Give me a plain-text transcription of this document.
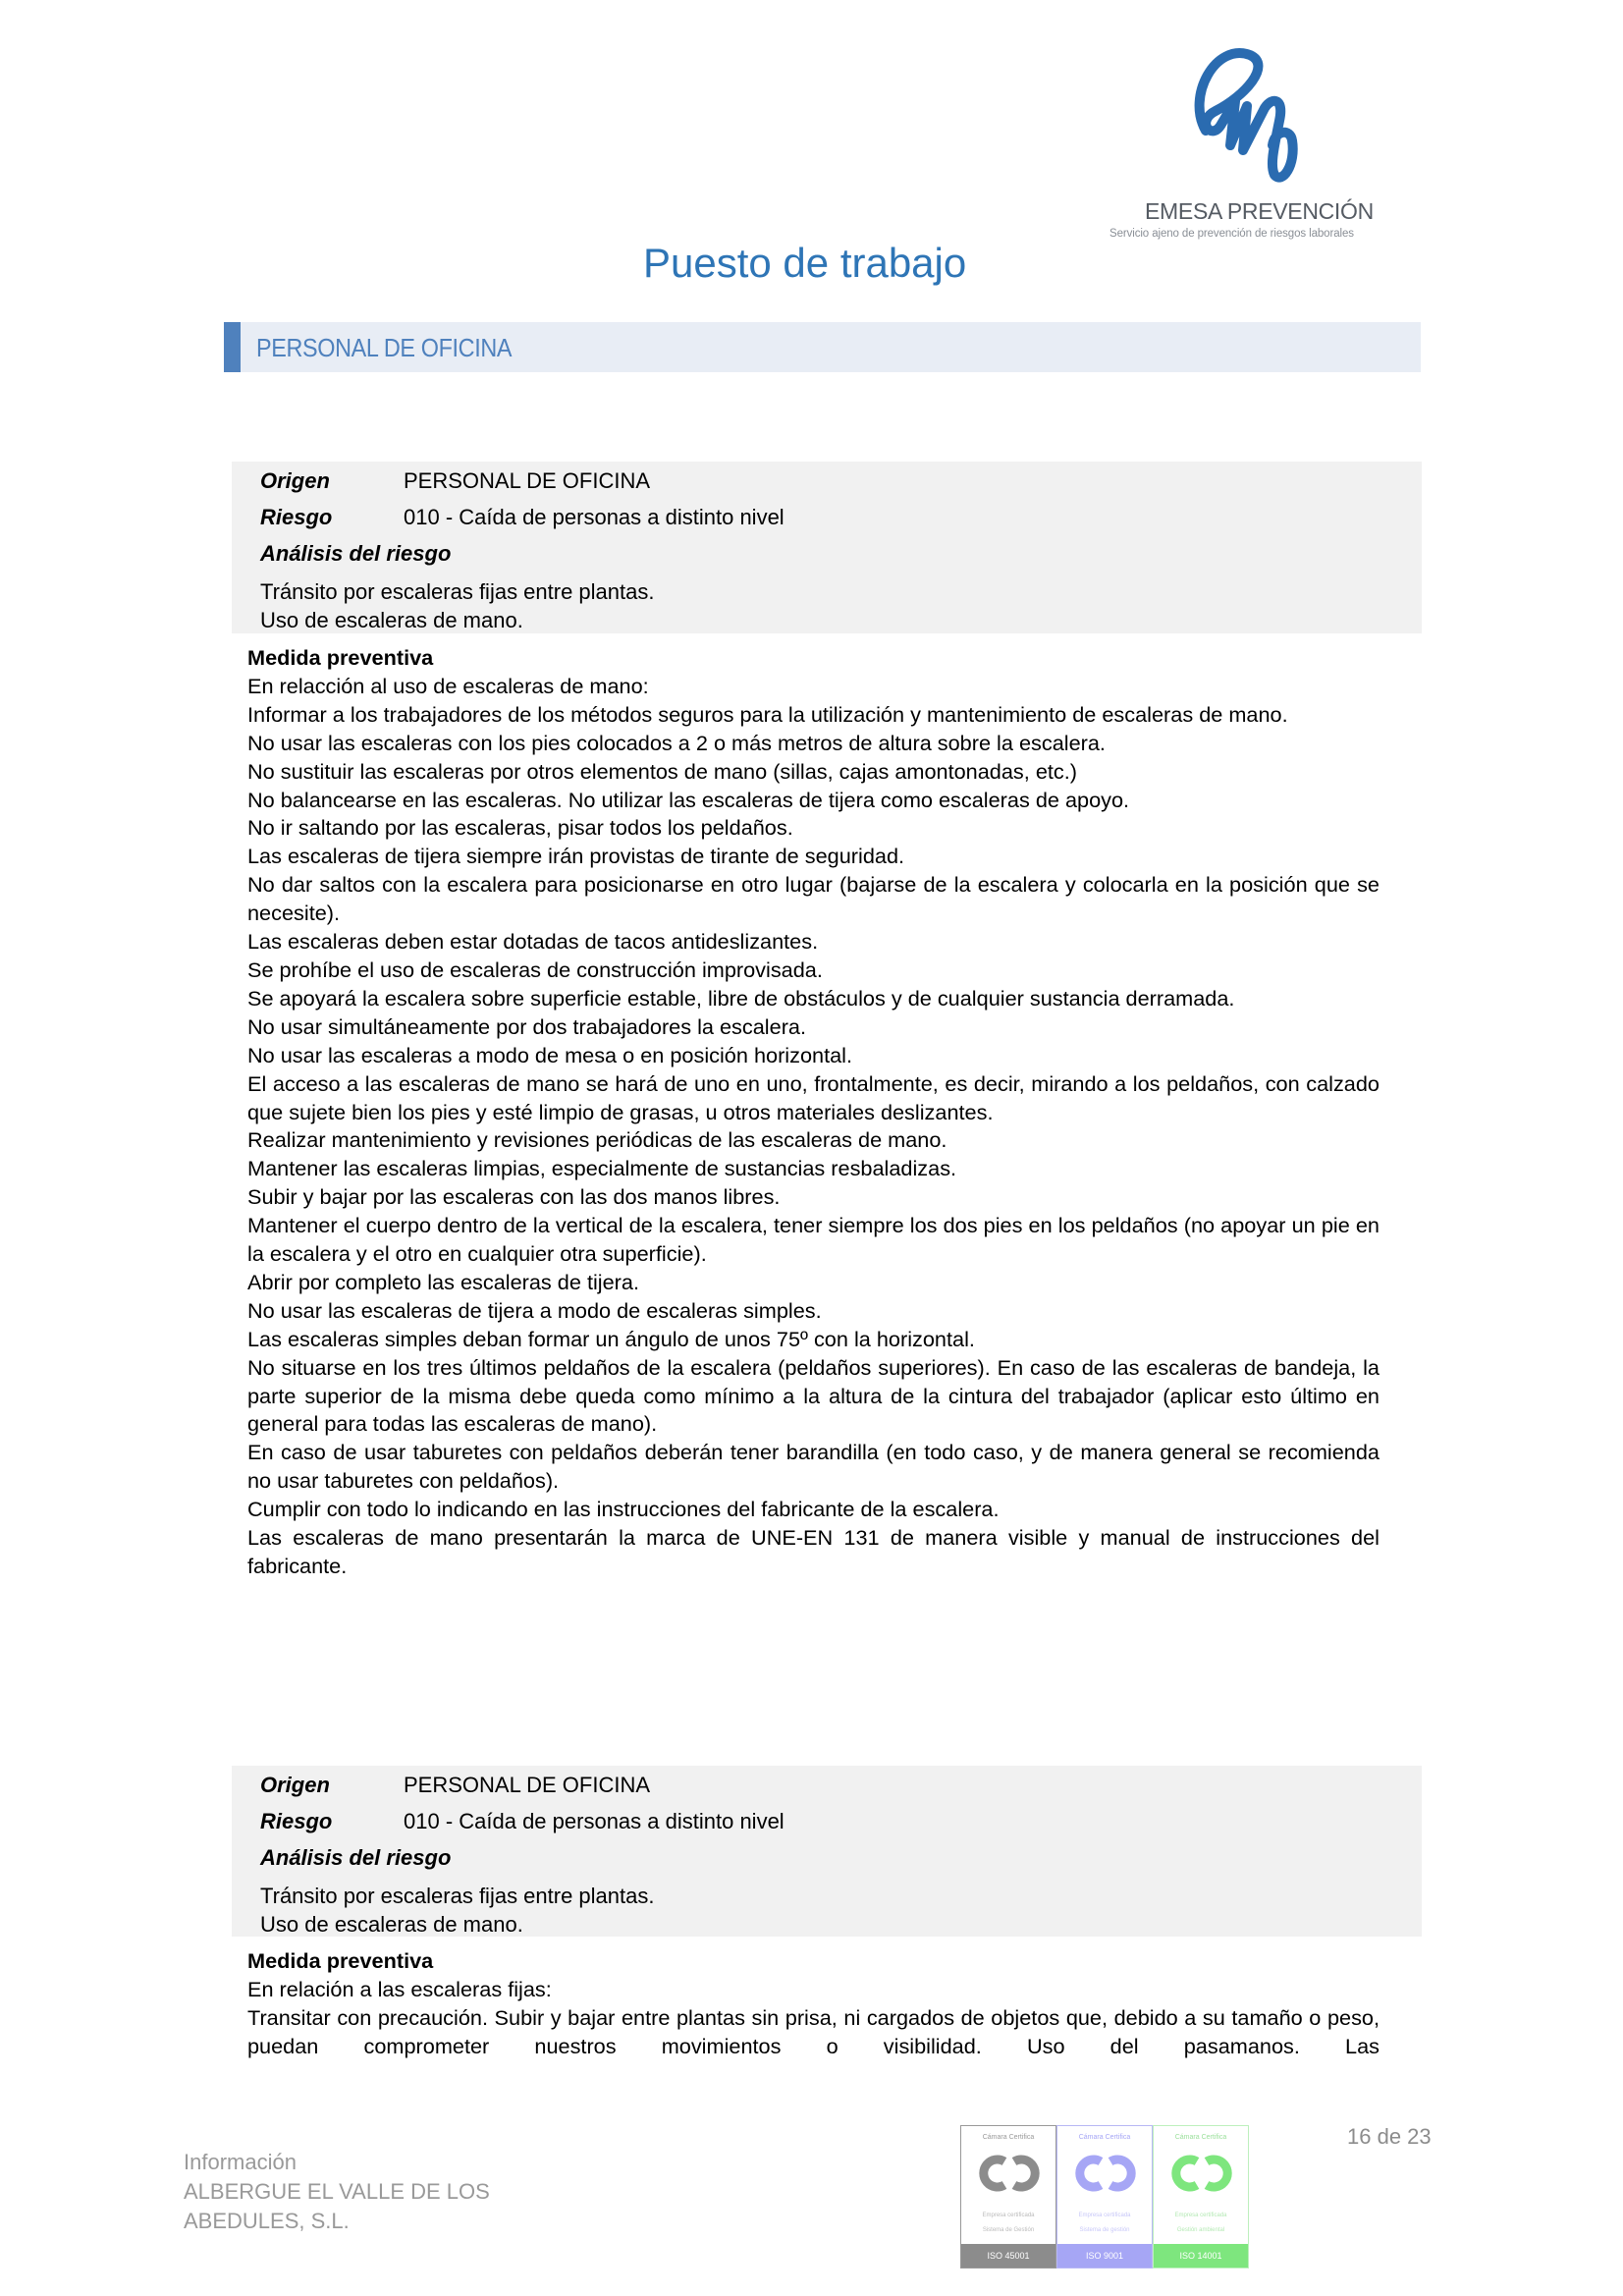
EMESA PREVENCIÓN
Servicio ajeno de prevención de riesgos laborales
Puesto de trabajo
PERSONAL DE OFICINA
Origen	PERSONAL DE OFICINA
Riesgo	010 - Caída de personas a distinto nivel
Análisis del riesgo
Tránsito por escaleras fijas entre plantas.
Uso de escaleras de mano.
Medida preventiva

En relacción al uso de escaleras de mano:

Informar a los trabajadores de los métodos seguros para la utilización y mantenimiento de escaleras de mano.

No usar las escaleras con los pies colocados a 2 o más metros de altura sobre la escalera.

No sustituir las escaleras por otros elementos de mano (sillas, cajas amontonadas, etc.)

No balancearse en las escaleras. No utilizar las escaleras de tijera como escaleras de apoyo.

No ir saltando por las escaleras, pisar todos los peldaños.

Las escaleras de tijera siempre irán provistas de tirante de seguridad.

No dar saltos con la escalera para posicionarse en otro lugar (bajarse de la escalera y colocarla en la posición que se necesite).

Las escaleras deben estar dotadas de tacos antideslizantes.

Se prohíbe el uso de escaleras de construcción improvisada.

Se apoyará la escalera sobre superficie estable, libre de obstáculos y de cualquier sustancia derramada.

No usar simultáneamente por dos trabajadores la escalera.

No usar las escaleras a modo de mesa o en posición horizontal.

El acceso a las escaleras de mano se hará de uno en uno, frontalmente, es decir, mirando a los peldaños, con calzado que sujete bien los pies y esté limpio de grasas, u otros materiales deslizantes.

Realizar mantenimiento y revisiones periódicas de las escaleras de mano.

Mantener las escaleras limpias, especialmente de sustancias resbaladizas.

Subir y bajar por las escaleras con las dos manos libres.

Mantener el cuerpo dentro de la vertical de la escalera, tener siempre los dos pies en los peldaños (no apoyar un pie en la escalera y el otro en cualquier otra superficie).

Abrir por completo las escaleras de tijera.

No usar las escaleras de tijera a modo de escaleras simples.

Las escaleras simples deban formar un ángulo de unos 75º con la horizontal.

No situarse en los tres últimos peldaños de la escalera (peldaños superiores). En caso de las escaleras de bandeja, la parte superior de la misma debe queda como mínimo a la altura de la cintura del trabajador (aplicar esto último en general para todas las escaleras de mano).

En caso de usar taburetes con peldaños deberán tener barandilla (en todo caso, y de manera general se recomienda no usar taburetes con peldaños).

Cumplir con todo lo indicando en las instrucciones del fabricante de la escalera.

Las escaleras de mano presentarán la marca de UNE-EN 131 de manera visible y manual de instrucciones del fabricante.

Origen	PERSONAL DE OFICINA
Riesgo	010 - Caída de personas a distinto nivel
Análisis del riesgo
Tránsito por escaleras fijas entre plantas.
Uso de escaleras de mano.
Medida preventiva

En relación a las escaleras fijas:

Transitar con precaución. Subir y bajar entre plantas sin prisa, ni cargados de objetos que, debido a su tamaño o peso, puedan comprometer nuestros movimientos o visibilidad. Uso del pasamanos. Las

Información
ALBERGUE EL VALLE DE LOS
ABEDULES, S.L.
Cámara Certifica
Empresa certificada
Sistema de Gestión
ISO 45001
Cámara Certifica
Empresa certificada
Sistema de gestión
ISO 9001
Cámara Certifica
Empresa certificada
Gestión ambiental
ISO 14001
16 de 23
